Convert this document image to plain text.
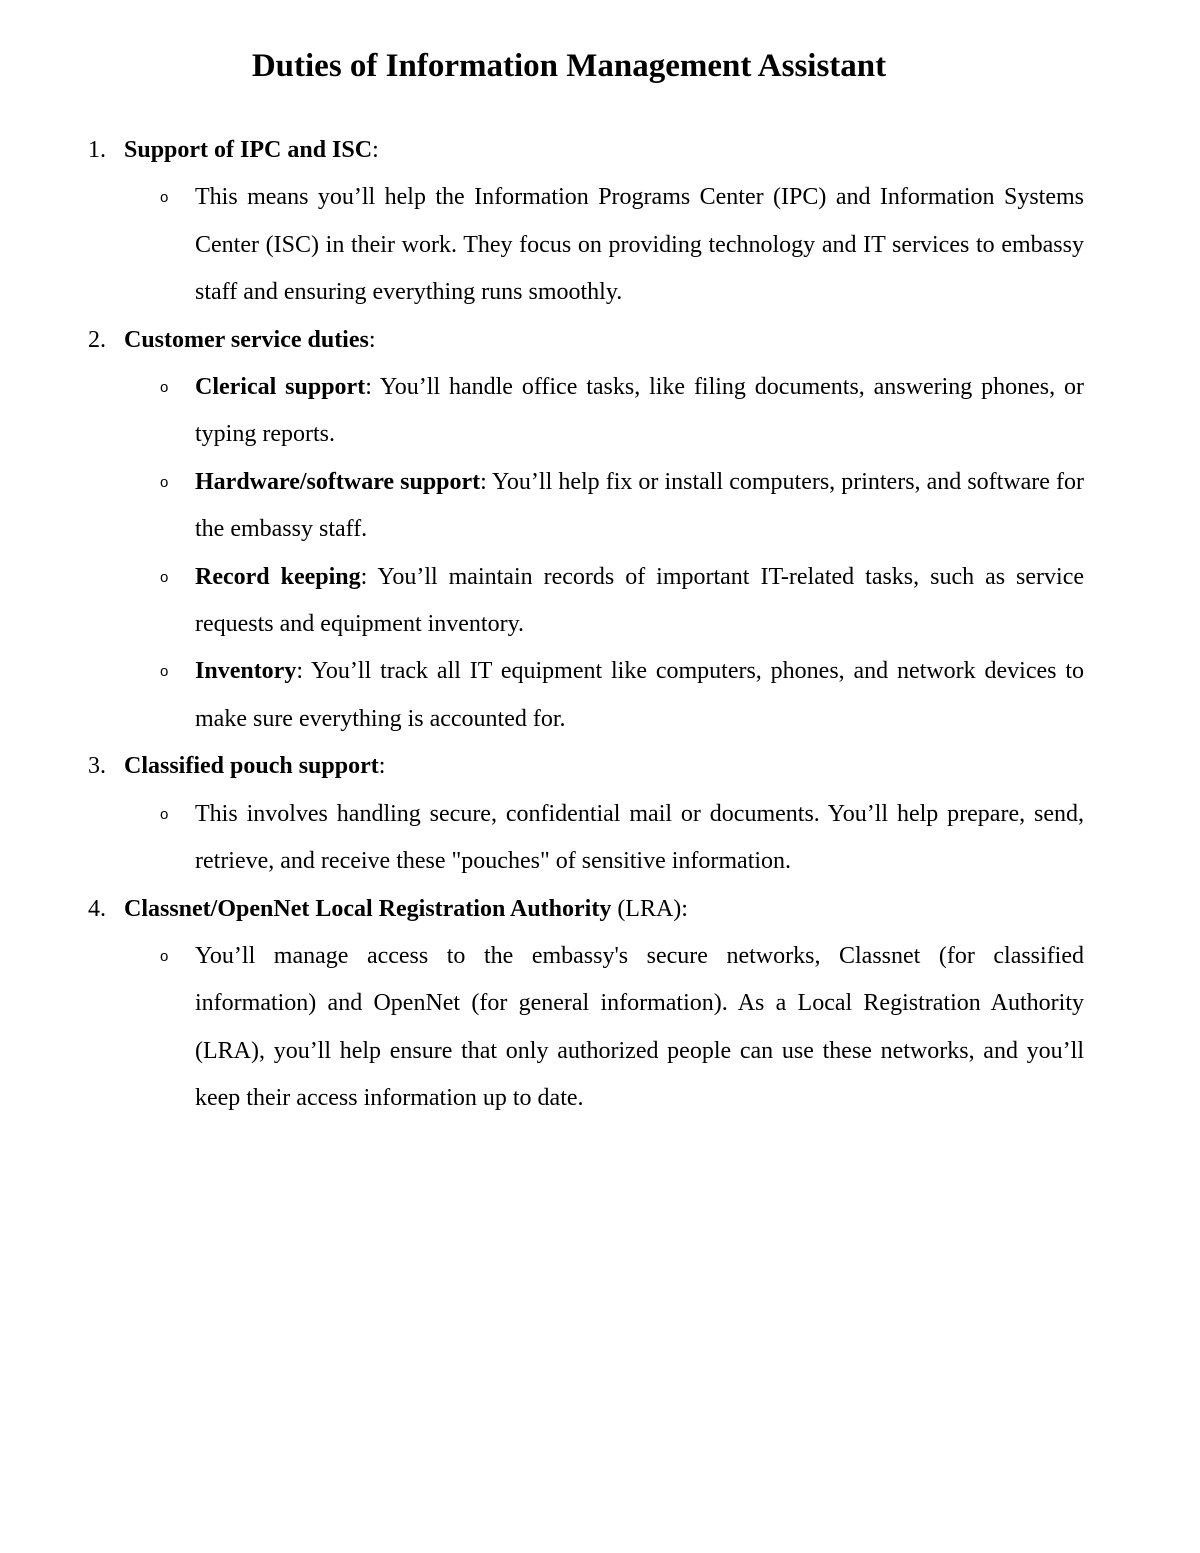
Duties of Information Management Assistant
1. Support of IPC and ISC:
o This means you’ll help the Information Programs Center (IPC) and Information Systems Center (ISC) in their work. They focus on providing technology and IT services to embassy staff and ensuring everything runs smoothly.
2. Customer service duties:
o Clerical support: You’ll handle office tasks, like filing documents, answering phones, or typing reports.
o Hardware/software support: You’ll help fix or install computers, printers, and software for the embassy staff.
o Record keeping: You’ll maintain records of important IT-related tasks, such as service requests and equipment inventory.
o Inventory: You’ll track all IT equipment like computers, phones, and network devices to make sure everything is accounted for.
3. Classified pouch support:
o This involves handling secure, confidential mail or documents. You’ll help prepare, send, retrieve, and receive these "pouches" of sensitive information.
4. Classnet/OpenNet Local Registration Authority (LRA):
o You’ll manage access to the embassy's secure networks, Classnet (for classified information) and OpenNet (for general information). As a Local Registration Authority (LRA), you’ll help ensure that only authorized people can use these networks, and you’ll keep their access information up to date.
